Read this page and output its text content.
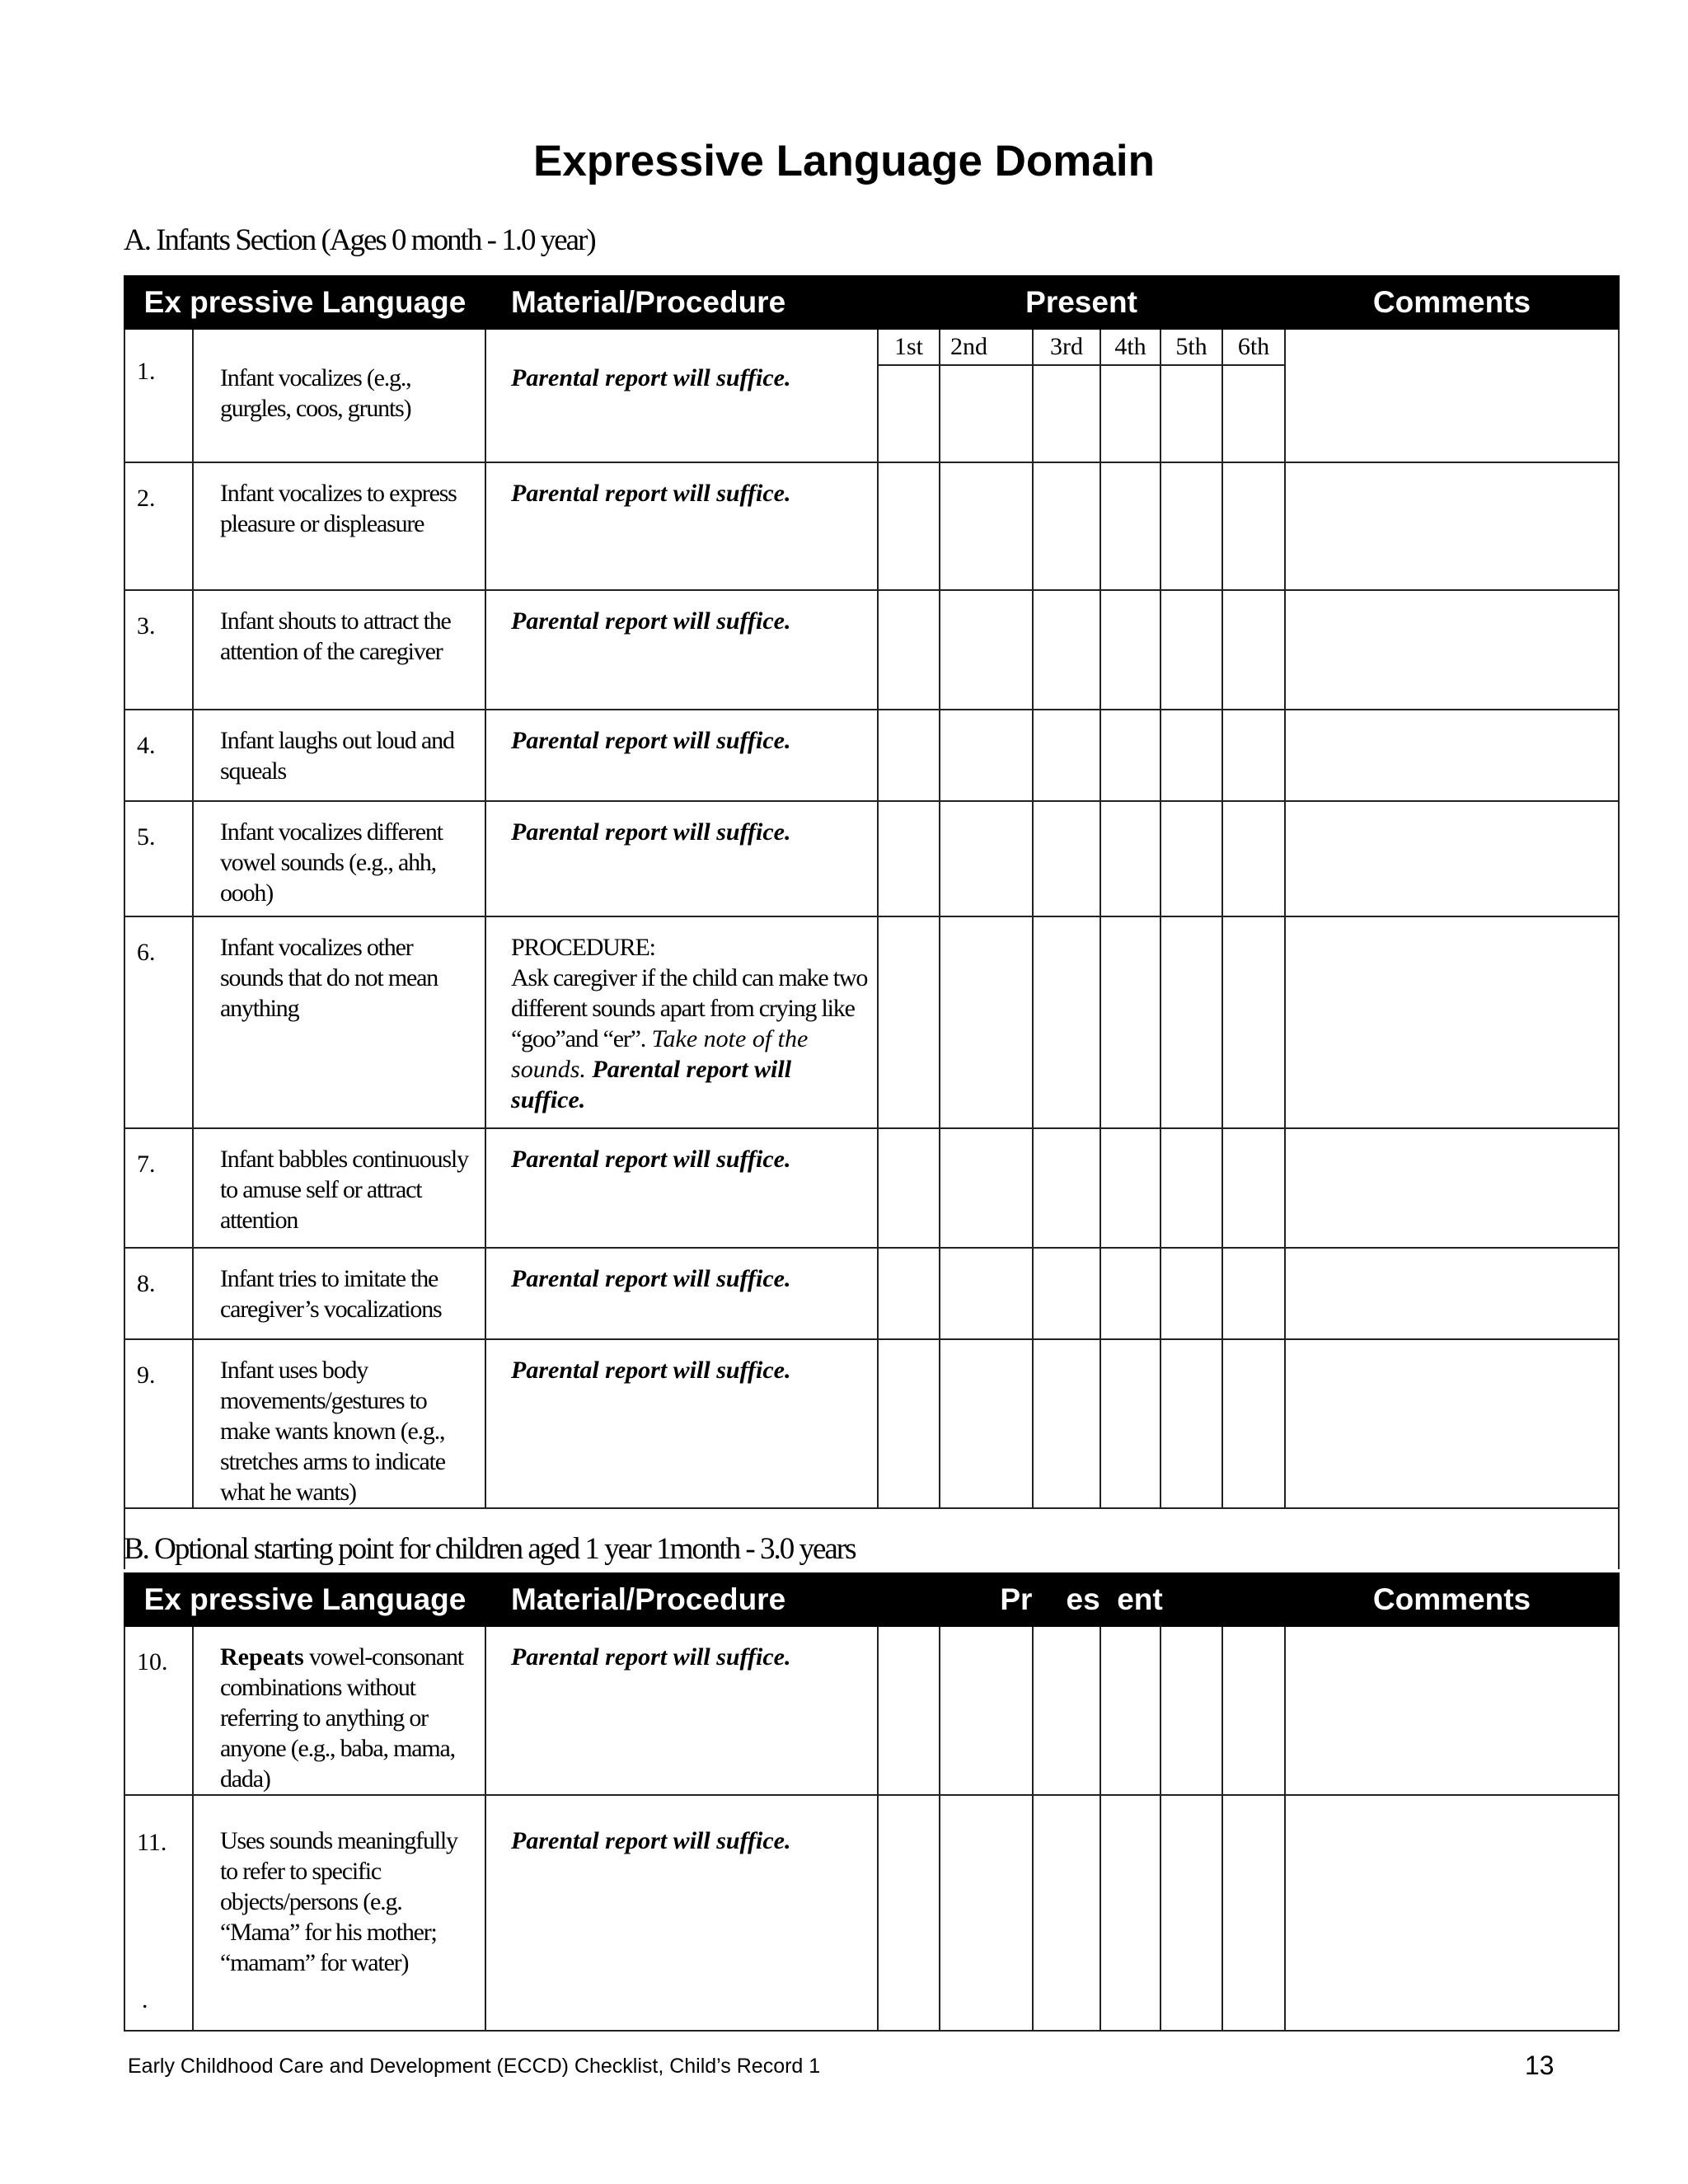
Expressive Language Domain
A. Infants Section (Ages 0 month - 1.0 year)
Ex pressive Language		Material/Procedure	Present						Comments
1.	Infant vocalizes (e.g., gurgles, coos, grunts)	Parental report will suffice.	1st	2nd	3rd	4th	5th	6th	

2.	Infant vocalizes to express pleasure or displeasure	Parental report will suffice.							
3.	Infant shouts to attract the attention of the caregiver	Parental report will suffice.							
4.	Infant laughs out loud and squeals	Parental report will suffice.							
5.	Infant vocalizes different vowel sounds (e.g., ahh, oooh)	Parental report will suffice.							
6.	Infant vocalizes other sounds that do not mean anything	PROCEDURE:
Ask caregiver if the child can make two different sounds apart from crying like “goo”and “er”. Take note of the sounds. Parental report will suffice.							
7.	Infant babbles continuously to amuse self or attract attention	Parental report will suffice.							
8.	Infant tries to imitate the caregiver’s vocalizations	Parental report will suffice.							
9.	Infant uses body movements/gestures to make wants known (e.g., stretches arms to indicate what he wants)	Parental report will suffice.							

B. Optional starting point for children aged 1 year 1month - 3.0 years
Ex pressive Language		Material/Procedure	Pr    es  ent						Comments
10.	Repeats vowel-consonant combinations without referring to anything or anyone (e.g., baba, mama, dada)	Parental report will suffice.							
11.	Uses sounds meaningfully to refer to specific objects/persons (e.g. “Mama” for his mother; “mamam” for water)	Parental report will suffice.							
.
Early Childhood Care and Development (ECCD) Checklist, Child’s Record 1	13
